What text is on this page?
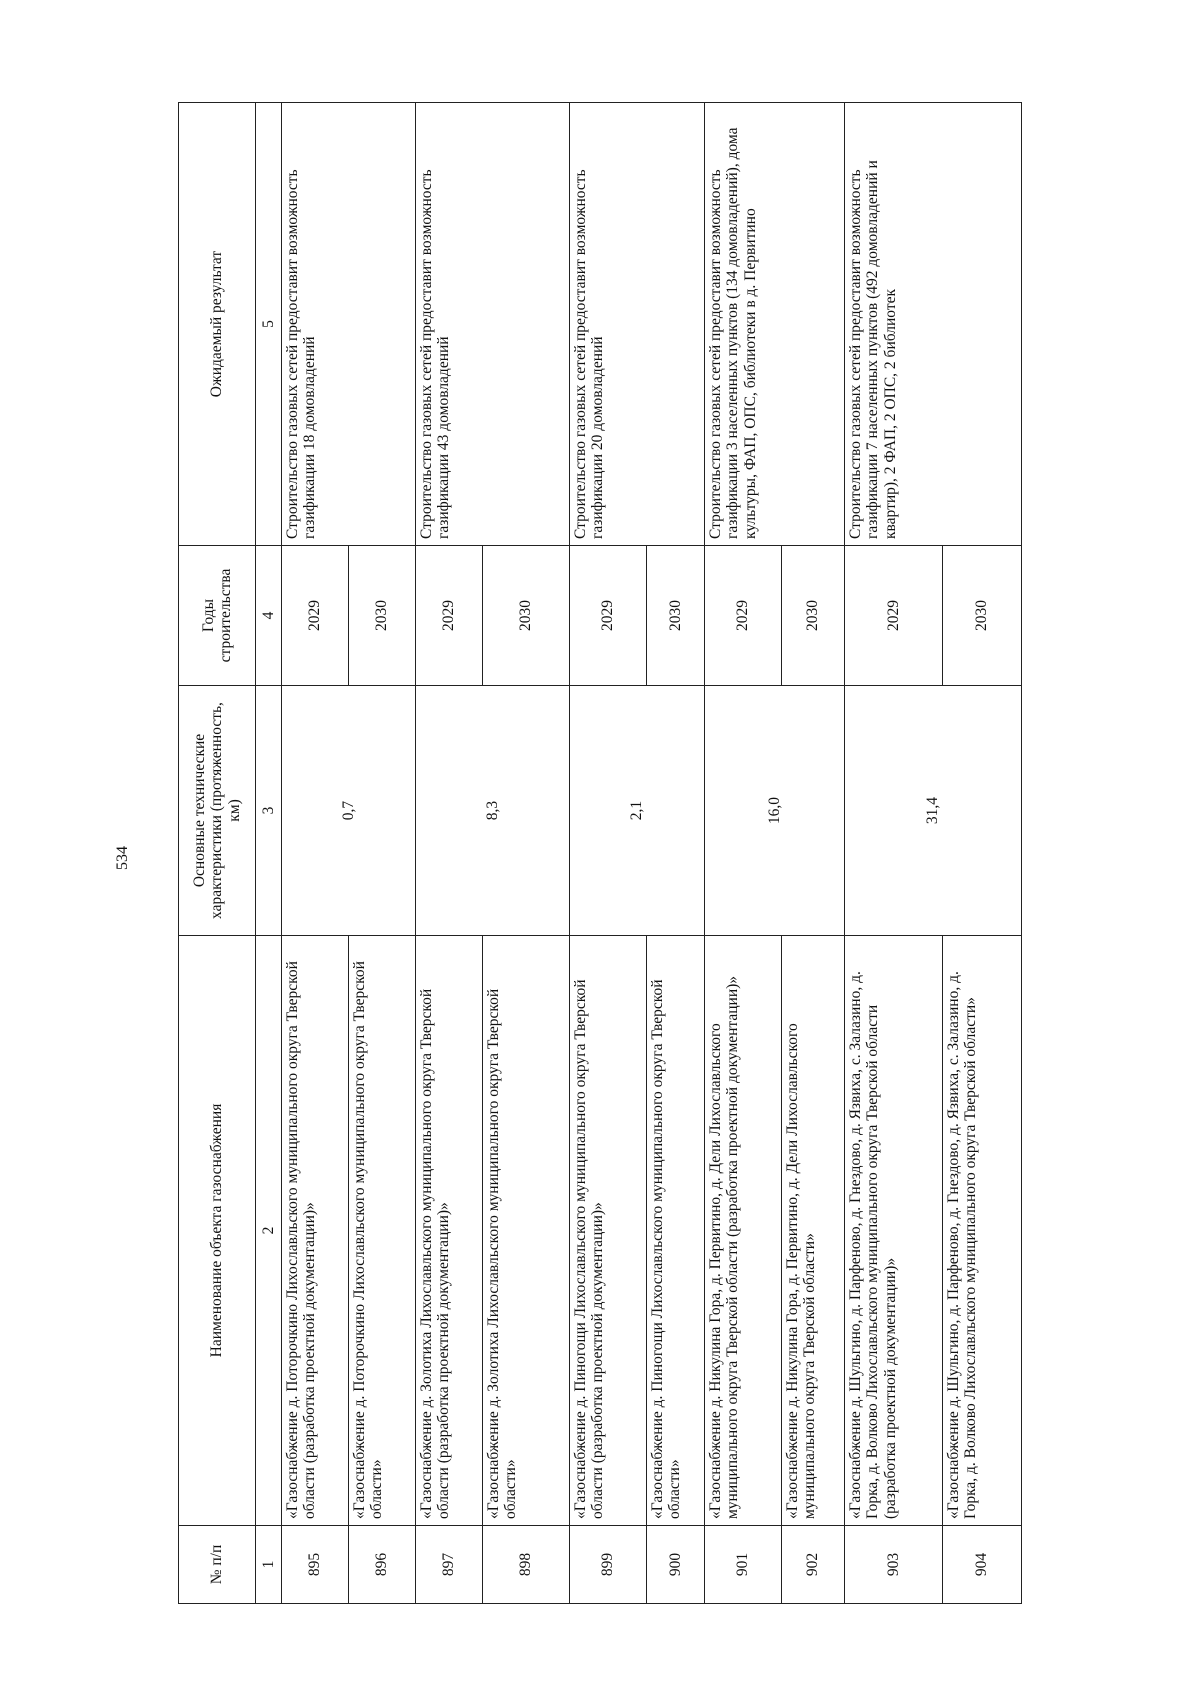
534
№ п/п	Наименование объекта газоснабжения	Основные технические характеристики (протяженность, км)	Годы строительства	Ожидаемый результат
1	2	3	4	5
895	«Газоснабжение д. Поторочкино Лихославльского муниципального округа Тверской области (разработка проектной документации)»	0,7	2029	Строительство газовых сетей предоставит возможность газификации 18 домовладений
896	«Газоснабжение д. Поторочкино Лихославльского муниципального округа Тверской области»		2030	
897	«Газоснабжение д. Золотиха Лихославльского муниципального округа Тверской области (разработка проектной документации)»	8,3	2029	Строительство газовых сетей предоставит возможность газификации 43 домовладений
898	«Газоснабжение д. Золотиха Лихославльского муниципального округа Тверской области»		2030	
899	«Газоснабжение д. Пиногощи Лихославльского муниципального округа Тверской области (разработка проектной документации)»	2,1	2029	Строительство газовых сетей предоставит возможность газификации 20 домовладений
900	«Газоснабжение д. Пиногощи Лихославльского муниципального округа Тверской области»		2030	
901	«Газоснабжение д. Никулина Гора, д. Первитино, д. Дели Лихославльского муниципального округа Тверской области (разработка проектной документации)»	16,0	2029	Строительство газовых сетей предоставит возможность газификации 3 населенных пунктов (134 домовладений), дома культуры, ФАП, ОПС, библиотеки в д. Первитино
902	«Газоснабжение д. Никулина Гора, д. Первитино, д. Дели Лихославльского муниципального округа Тверской области»		2030	
903	«Газоснабжение д. Шульгино, д. Парфеново, д. Гнездово, д. Язвиха, с. Залазино, д. Горка, д. Волково Лихославльского муниципального округа Тверской области (разработка проектной документации)»	31,4	2029	Строительство газовых сетей предоставит возможность газификации 7 населенных пунктов (492 домовладений и квартир), 2 ФАП, 2 ОПС, 2 библиотек
904	«Газоснабжение д. Шульгино, д. Парфеново, д. Гнездово, д. Язвиха, с. Залазино, д. Горка, д. Волково Лихославльского муниципального округа Тверской области»		2030	
